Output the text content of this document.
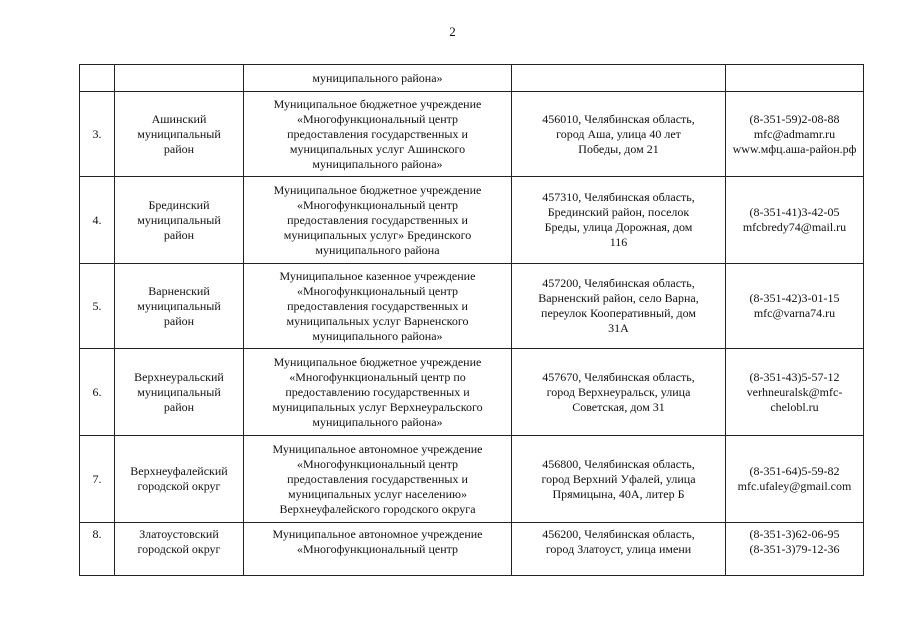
2
		муниципального района»		
3.	Ашинский
муниципальный
район	Муниципальное бюджетное учреждение
«Многофункциональный центр
предоставления государственных и
муниципальных услуг Ашинского
муниципального района»	456010, Челябинская область,
город Аша, улица 40 лет
Победы, дом 21	(8-351-59)2-08-88
mfc@admamr.ru
www.мфц.аша-район.рф
4.	Брединский
муниципальный
район	Муниципальное бюджетное учреждение
«Многофункциональный центр
предоставления государственных и
муниципальных услуг» Брединского
муниципального района	457310, Челябинская область,
Брединский район, поселок
Бреды, улица Дорожная, дом
116	(8-351-41)3-42-05
mfcbredy74@mail.ru
5.	Варненский
муниципальный
район	Муниципальное казенное учреждение
«Многофункциональный центр
предоставления государственных и
муниципальных услуг Варненского
муниципального района»	457200, Челябинская область,
Варненский район, село Варна,
переулок Кооперативный, дом
31А	(8-351-42)3-01-15
mfc@varna74.ru
6.	Верхнеуральский
муниципальный
район	Муниципальное бюджетное учреждение
«Многофункциональный центр по
предоставлению государственных и
муниципальных услуг Верхнеуральского
муниципального района»	457670, Челябинская область,
город Верхнеуральск, улица
Советская, дом 31	(8-351-43)5-57-12
verhneuralsk@mfc-
chelobl.ru
7.	Верхнеуфалейский
городской округ	Муниципальное автономное учреждение
«Многофункциональный центр
предоставления государственных и
муниципальных услуг населению»
Верхнеуфалейского городского округа	456800, Челябинская область,
город Верхний Уфалей, улица
Прямицына, 40А, литер Б	(8-351-64)5-59-82
mfc.ufaley@gmail.com
8.	Златоустовский
городской округ	Муниципальное автономное учреждение
«Многофункциональный центр	456200, Челябинская область,
город Златоуст, улица имени	(8-351-3)62-06-95
(8-351-3)79-12-36
